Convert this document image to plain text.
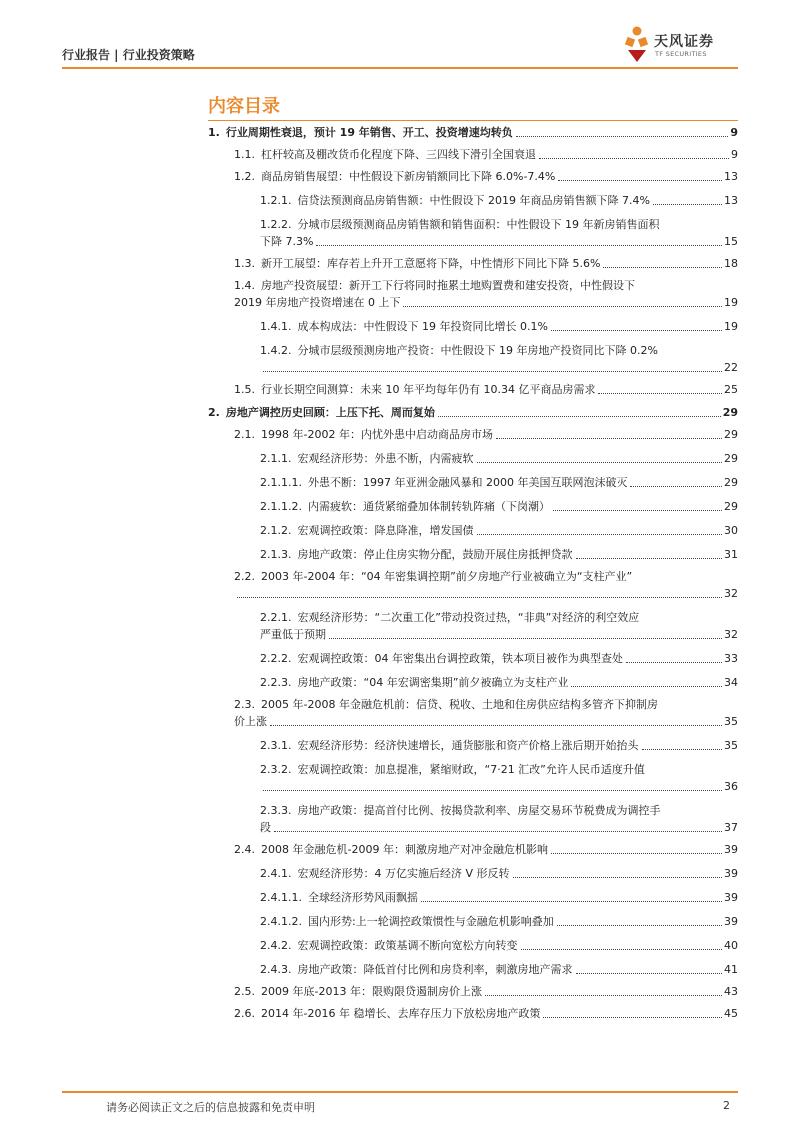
行业报告 | 行业投资策略
天风证券
TF SECURITIES
内容目录
1. 行业周期性衰退，预计 19 年销售、开工、投资增速均转负	9
1.1. 杠杆较高及棚改货币化程度下降、三四线下滑引全国衰退	9
1.2. 商品房销售展望：中性假设下新房销额同比下降 6.0%-7.4%	13
1.2.1. 信贷法预测商品房销售额：中性假设下 2019 年商品房销售额下降 7.4%	13
1.2.2. 分城市层级预测商品房销售额和销售面积：中性假设下 19 年新房销售面积
下降 7.3%	15
1.3. 新开工展望：库存若上升开工意愿将下降，中性情形下同比下降 5.6%	18
1.4. 房地产投资展望：新开工下行将同时拖累土地购置费和建安投资，中性假设下
2019 年房地产投资增速在 0 上下	19
1.4.1. 成本构成法：中性假设下 19 年投资同比增长 0.1%	19
1.4.2. 分城市层级预测房地产投资：中性假设下 19 年房地产投资同比下降 0.2%
22
1.5. 行业长期空间测算：未来 10 年平均每年仍有 10.34 亿平商品房需求	25
2. 房地产调控历史回顾：上压下托、周而复始	29
2.1. 1998 年-2002 年：内忧外患中启动商品房市场	29
2.1.1. 宏观经济形势：外患不断，内需疲软	29
2.1.1.1. 外患不断：1997 年亚洲金融风暴和 2000 年美国互联网泡沫破灭	29
2.1.1.2. 内需疲软：通货紧缩叠加体制转轨阵痛（下岗潮）	29
2.1.2. 宏观调控政策：降息降准，增发国债	30
2.1.3. 房地产政策：停止住房实物分配，鼓励开展住房抵押贷款	31
2.2. 2003 年-2004 年：“04 年密集调控期”前夕房地产行业被确立为“支柱产业”
32
2.2.1. 宏观经济形势：“二次重工化”带动投资过热，“非典”对经济的利空效应
严重低于预期	32
2.2.2. 宏观调控政策：04 年密集出台调控政策，铁本项目被作为典型查处	33
2.2.3. 房地产政策：“04 年宏调密集期”前夕被确立为支柱产业	34
2.3. 2005 年-2008 年金融危机前：信贷、税收、土地和住房供应结构多管齐下抑制房
价上涨	35
2.3.1. 宏观经济形势：经济快速增长，通货膨胀和资产价格上涨后期开始抬头	35
2.3.2. 宏观调控政策：加息提准，紧缩财政，“7·21 汇改”允许人民币适度升值
36
2.3.3. 房地产政策：提高首付比例、按揭贷款利率、房屋交易环节税费成为调控手
段	37
2.4. 2008 年金融危机-2009 年：刺激房地产对冲金融危机影响	39
2.4.1. 宏观经济形势：4 万亿实施后经济 V 形反转	39
2.4.1.1. 全球经济形势风雨飘摇	39
2.4.1.2. 国内形势:上一轮调控政策惯性与金融危机影响叠加	39
2.4.2. 宏观调控政策：政策基调不断向宽松方向转变	40
2.4.3. 房地产政策：降低首付比例和房贷利率，刺激房地产需求	41
2.5. 2009 年底-2013 年：限购限贷遏制房价上涨	43
2.6. 2014 年-2016 年 稳增长、去库存压力下放松房地产政策	45
请务必阅读正文之后的信息披露和免责申明	2
